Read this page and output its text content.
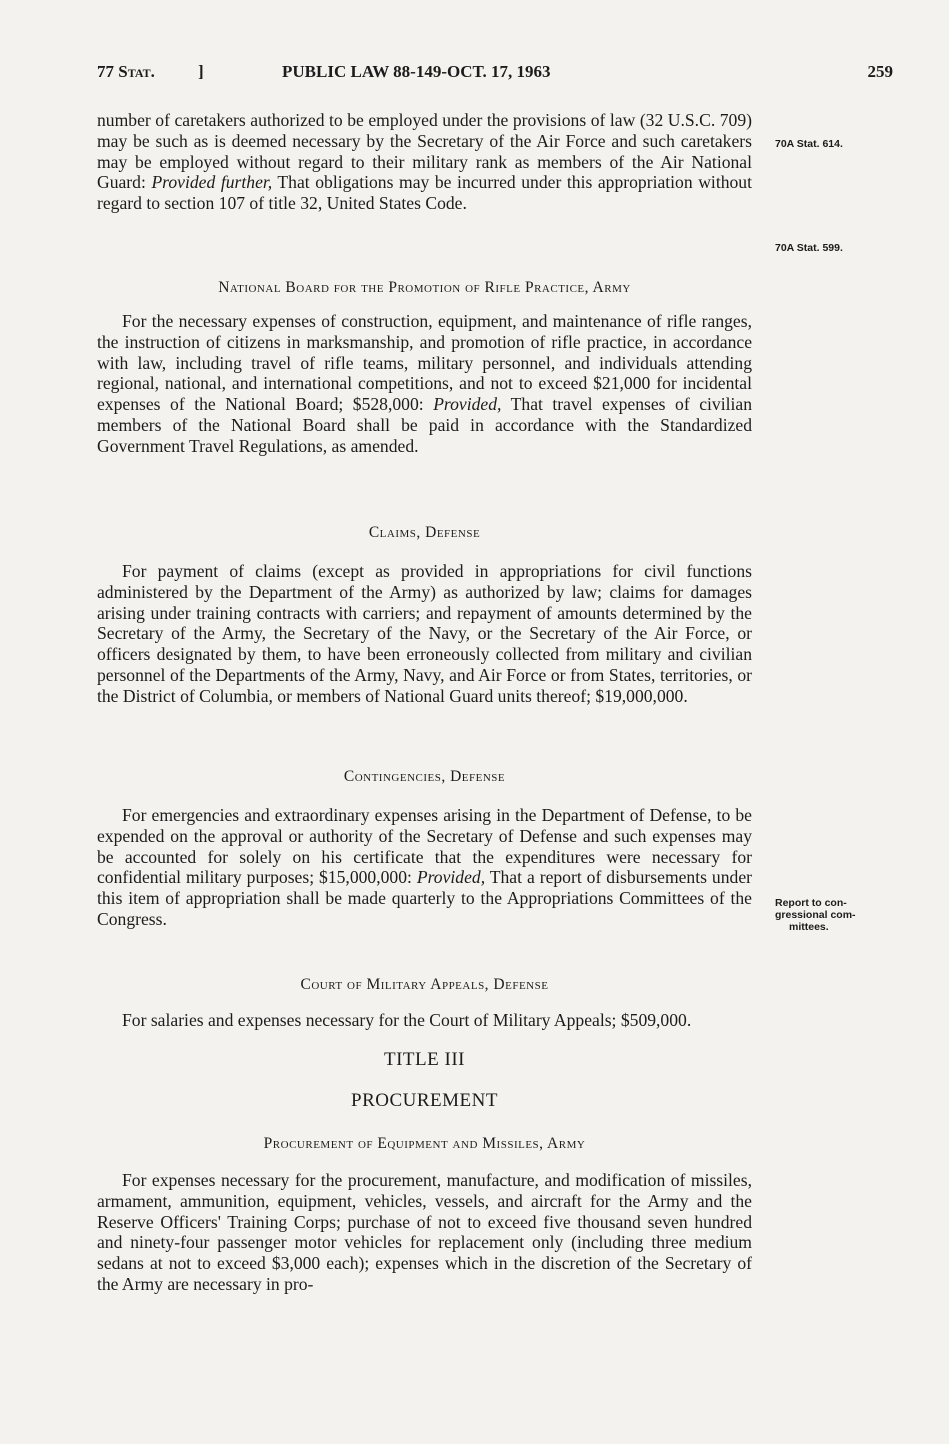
77 Stat.	]	PUBLIC LAW 88-149-OCT. 17, 1963	259

number of caretakers authorized to be employed under the provisions of law (32 U.S.C. 709) may be such as is deemed necessary by the Secretary of the Air Force and such caretakers may be employed without regard to their military rank as members of the Air National Guard: Provided further, That obligations may be incurred under this appropriation without regard to section 107 of title 32, United States Code.

70A Stat. 614.
70A Stat. 599.
National Board for the Promotion of Rifle Practice, Army

For the necessary expenses of construction, equipment, and maintenance of rifle ranges, the instruction of citizens in marksmanship, and promotion of rifle practice, in accordance with law, including travel of rifle teams, military personnel, and individuals attending regional, national, and international competitions, and not to exceed $21,000 for incidental expenses of the National Board; $528,000: Provided, That travel expenses of civilian members of the National Board shall be paid in accordance with the Standardized Government Travel Regulations, as amended.

Claims, Defense

For payment of claims (except as provided in appropriations for civil functions administered by the Department of the Army) as authorized by law; claims for damages arising under training contracts with carriers; and repayment of amounts determined by the Secretary of the Army, the Secretary of the Navy, or the Secretary of the Air Force, or officers designated by them, to have been erroneously collected from military and civilian personnel of the Departments of the Army, Navy, and Air Force or from States, territories, or the District of Columbia, or members of National Guard units thereof; $19,000,000.

Contingencies, Defense

For emergencies and extraordinary expenses arising in the Department of Defense, to be expended on the approval or authority of the Secretary of Defense and such expenses may be accounted for solely on his certificate that the expenditures were necessary for confidential military purposes; $15,000,000: Provided, That a report of disbursements under this item of appropriation shall be made quarterly to the Appropriations Committees of the Congress.

Report to con-
gressional com-
mittees.
Court of Military Appeals, Defense

For salaries and expenses necessary for the Court of Military Appeals; $509,000.

TITLE III
PROCUREMENT
Procurement of Equipment and Missiles, Army

For expenses necessary for the procurement, manufacture, and modification of missiles, armament, ammunition, equipment, vehicles, vessels, and aircraft for the Army and the Reserve Officers' Training Corps; purchase of not to exceed five thousand seven hundred and ninety-four passenger motor vehicles for replacement only (including three medium sedans at not to exceed $3,000 each); expenses which in the discretion of the Secretary of the Army are necessary in pro-
